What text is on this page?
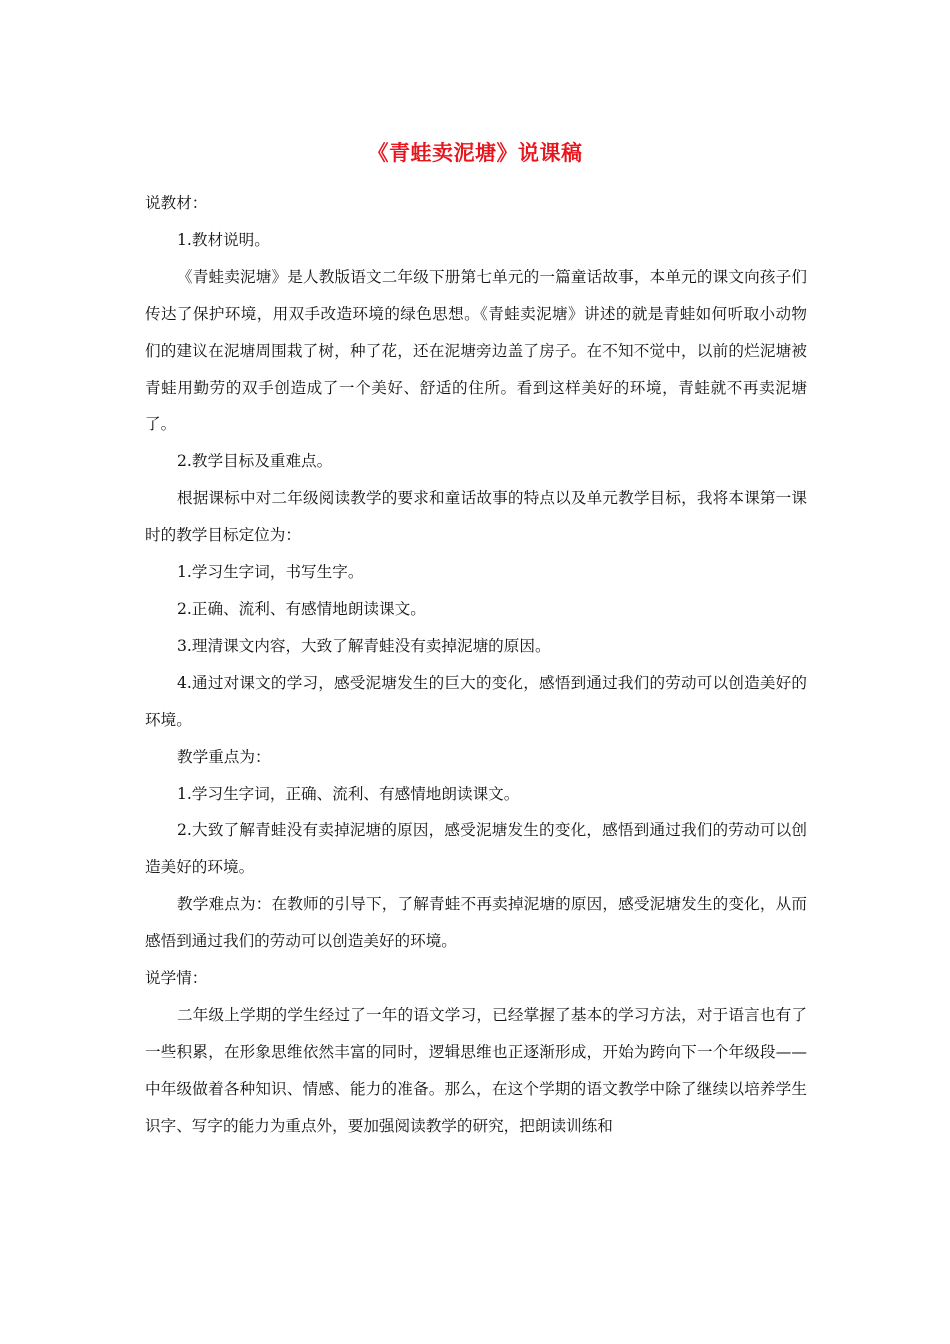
《青蛙卖泥塘》说课稿

说教材：

1.教材说明。

《青蛙卖泥塘》是人教版语文二年级下册第七单元的一篇童话故事，本单元的课文向孩子们传达了保护环境，用双手改造环境的绿色思想。《青蛙卖泥塘》讲述的就是青蛙如何听取小动物们的建议在泥塘周围栽了树，种了花，还在泥塘旁边盖了房子。在不知不觉中，以前的烂泥塘被青蛙用勤劳的双手创造成了一个美好、舒适的住所。看到这样美好的环境，青蛙就不再卖泥塘了。

2.教学目标及重难点。

根据课标中对二年级阅读教学的要求和童话故事的特点以及单元教学目标，我将本课第一课时的教学目标定位为：

1.学习生字词，书写生字。

2.正确、流利、有感情地朗读课文。

3.理清课文内容，大致了解青蛙没有卖掉泥塘的原因。

4.通过对课文的学习，感受泥塘发生的巨大的变化，感悟到通过我们的劳动可以创造美好的环境。

教学重点为：

1.学习生字词，正确、流利、有感情地朗读课文。

2.大致了解青蛙没有卖掉泥塘的原因，感受泥塘发生的变化，感悟到通过我们的劳动可以创造美好的环境。

教学难点为：在教师的引导下，了解青蛙不再卖掉泥塘的原因，感受泥塘发生的变化，从而感悟到通过我们的劳动可以创造美好的环境。

说学情：

二年级上学期的学生经过了一年的语文学习，已经掌握了基本的学习方法，对于语言也有了一些积累，在形象思维依然丰富的同时，逻辑思维也正逐渐形成，开始为跨向下一个年级段——中年级做着各种知识、情感、能力的准备。那么，在这个学期的语文教学中除了继续以培养学生识字、写字的能力为重点外，要加强阅读教学的研究，把朗读训练和
